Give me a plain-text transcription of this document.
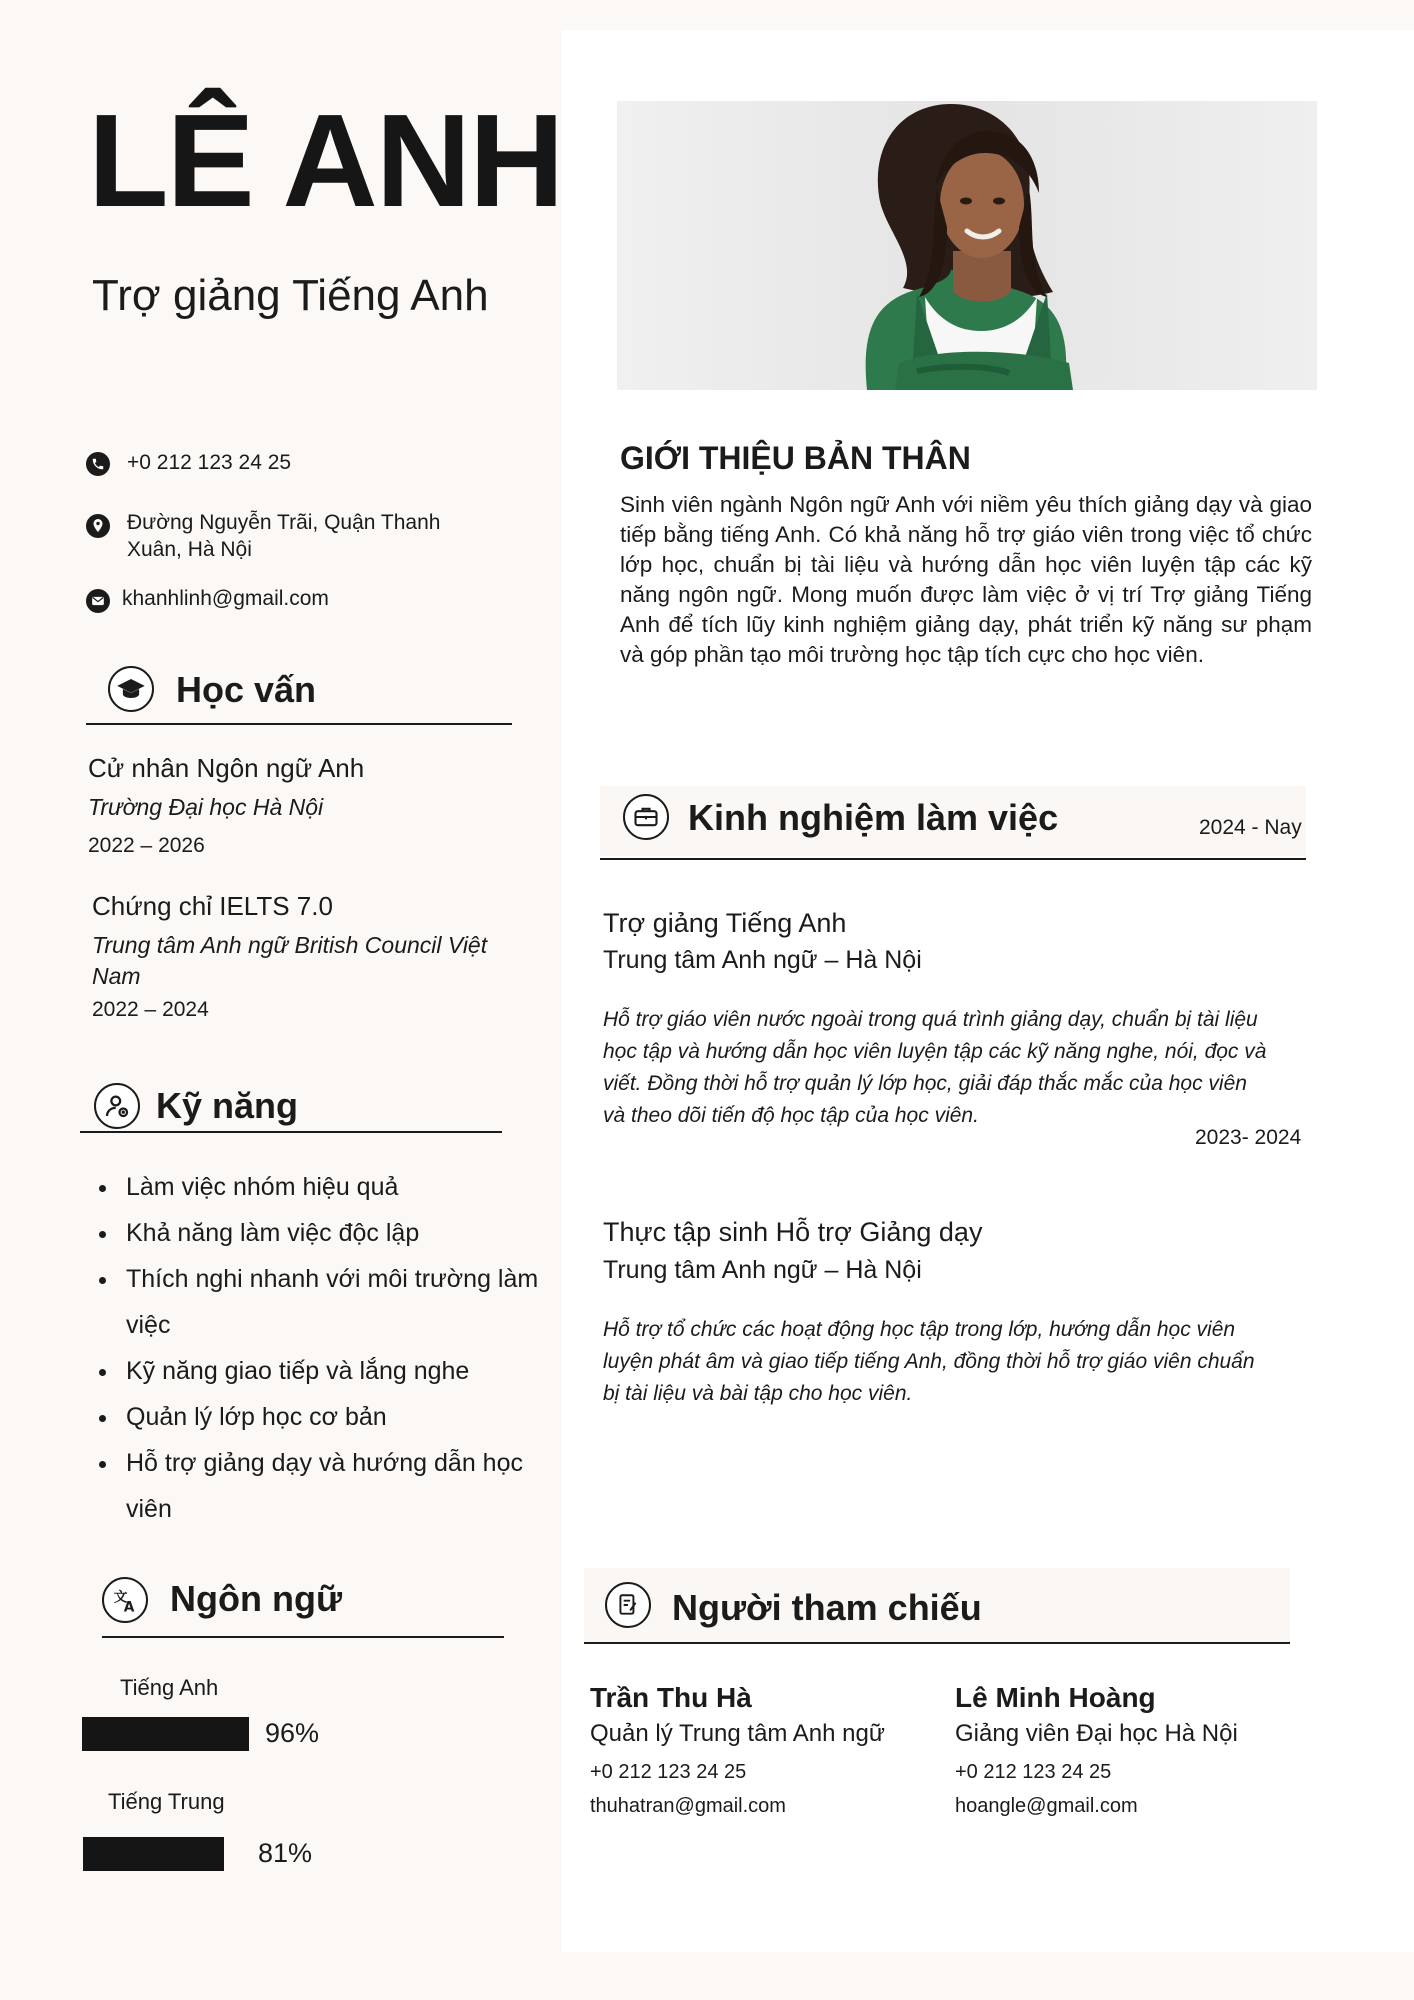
LÊ ANH
Trợ giảng Tiếng Anh
+0 212 123 24 25
Đường Nguyễn Trãi, Quận Thanh Xuân, Hà Nội
khanhlinh@gmail.com
Học vấn
Cử nhân Ngôn ngữ Anh
Trường Đại học Hà Nội
2022 – 2026
Chứng chỉ IELTS 7.0
Trung tâm Anh ngữ British Council Việt Nam
2022 – 2024
Kỹ năng
• Làm việc nhóm hiệu quả
• Khả năng làm việc độc lập
• Thích nghi nhanh với môi trường làm việc
• Kỹ năng giao tiếp và lắng nghe
• Quản lý lớp học cơ bản
• Hỗ trợ giảng dạy và hướng dẫn học viên
文
A Ngôn ngữ
Tiếng Anh
96%
Tiếng Trung
81%
GIỚI THIỆU BẢN THÂN
Sinh viên ngành Ngôn ngữ Anh với niềm yêu thích giảng dạy và giao tiếp bằng tiếng Anh. Có khả năng hỗ trợ giáo viên trong việc tổ chức lớp học, chuẩn bị tài liệu và hướng dẫn học viên luyện tập các kỹ năng ngôn ngữ. Mong muốn được làm việc ở vị trí Trợ giảng Tiếng Anh để tích lũy kinh nghiệm giảng dạy, phát triển kỹ năng sư phạm và góp phần tạo môi trường học tập tích cực cho học viên.
Kinh nghiệm làm việc	2024 - Nay
Trợ giảng Tiếng Anh
Trung tâm Anh ngữ – Hà Nội
Hỗ trợ giáo viên nước ngoài trong quá trình giảng dạy, chuẩn bị tài liệu học tập và hướng dẫn học viên luyện tập các kỹ năng nghe, nói, đọc và viết. Đồng thời hỗ trợ quản lý lớp học, giải đáp thắc mắc của học viên và theo dõi tiến độ học tập của học viên.
2023- 2024
Thực tập sinh Hỗ trợ Giảng dạy
Trung tâm Anh ngữ – Hà Nội
Hỗ trợ tổ chức các hoạt động học tập trong lớp, hướng dẫn học viên luyện phát âm và giao tiếp tiếng Anh, đồng thời hỗ trợ giáo viên chuẩn bị tài liệu và bài tập cho học viên.
Người tham chiếu
Trần Thu Hà
Quản lý Trung tâm Anh ngữ
+0 212 123 24 25
thuhatran@gmail.com
Lê Minh Hoàng
Giảng viên Đại học Hà Nội
+0 212 123 24 25
hoangle@gmail.com
